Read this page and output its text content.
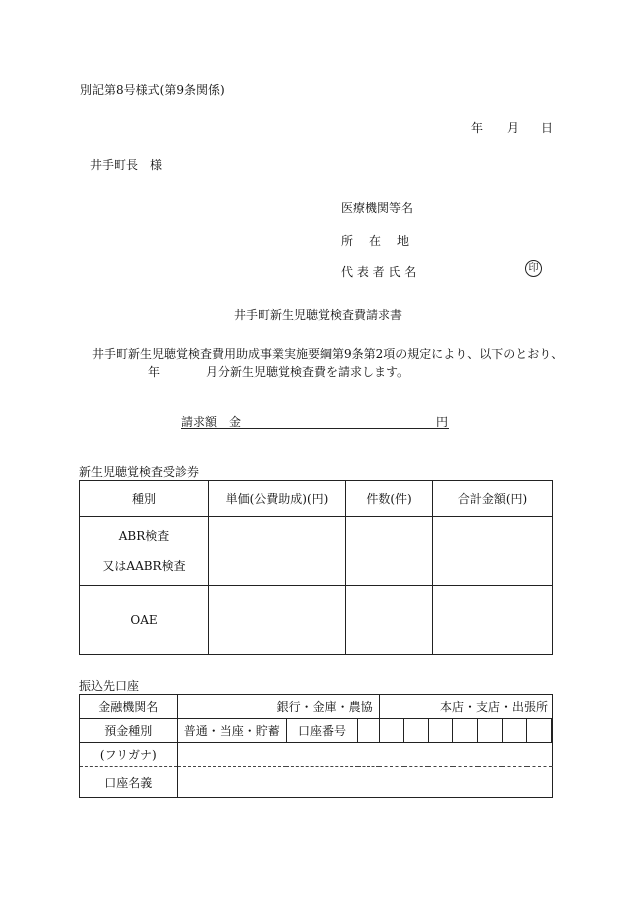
別記第8号様式(第9条関係)
年 月 日
井手町長　様
医療機関等名
所　在　地
代 表 者 氏 名	印
井手町新生児聴覚検査費請求書
井手町新生児聴覚検査費用助成事業実施要綱第9条第2項の規定により、以下のとおり、
年	月分新生児聴覚検査費を請求します。
請求額　金	円
新生児聴覚検査受診券
種別	単価(公費助成)(円)	件数(件)	合計金額(円)

ABR検査
又はAABR検査			

OAE			
振込先口座
金融機関名	銀行・金庫・農協			本店・支店・出張所							
預金種別	普通・当座・貯蓄	口座番号									
(フリガナ)											
口座名義											
